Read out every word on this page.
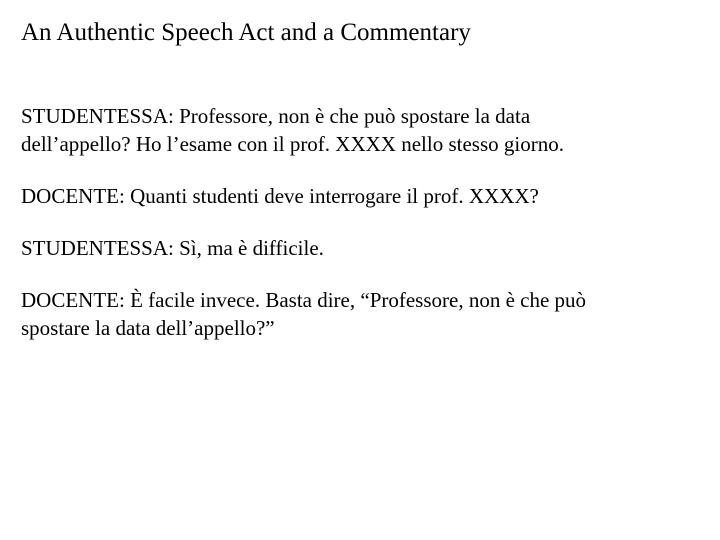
An Authentic Speech Act and a Commentary

STUDENTESSA: Professore, non è che può spostare la data
dell’appello? Ho l’esame con il prof. XXXX nello stesso giorno.

DOCENTE: Quanti studenti deve interrogare il prof. XXXX?

STUDENTESSA: Sì, ma è difficile.

DOCENTE: È facile invece. Basta dire, “Professore, non è che può
spostare la data dell’appello?”
